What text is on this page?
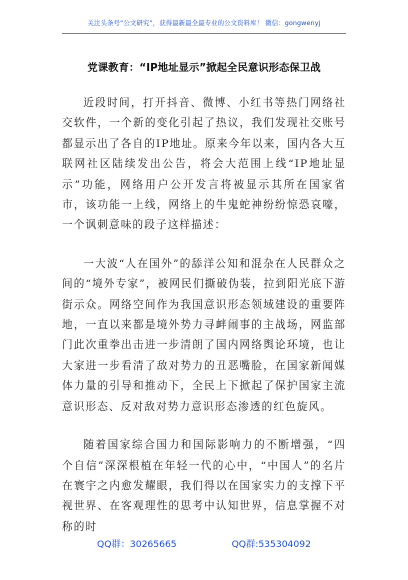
关注头条号“公文研究”，获得最新最全最专业的公文资料库！ 微信：gongwenyj
党课教育：“IP地址显示”掀起全民意识形态保卫战

近段时间，打开抖音、微博、小红书等热门网络社交软件，一个新的变化引起了热议，我们发现社交账号都显示出了各自的IP地址。原来今年以来，国内各大互联网社区陆续发出公告，将会大范围上线“IP地址显示”功能，网络用户公开发言将被显示其所在国家省市，该功能一上线，网络上的牛鬼蛇神纷纷惊恐哀嚎，一个讽刺意味的段子这样描述：

一大波“人在国外”的舔洋公知和混杂在人民群众之间的“境外专家”，被网民们撕破伪装，拉到阳光底下游街示众。网络空间作为我国意识形态领域建设的重要阵地，一直以来都是境外势力寻衅闹事的主战场，网监部门此次重拳出击进一步清朗了国内网络舆论环境，也让大家进一步看清了敌对势力的丑恶嘴脸，在国家新闻媒体力量的引导和推动下，全民上下掀起了保护国家主流意识形态、反对敌对势力意识形态渗透的红色旋风。

随着国家综合国力和国际影响力的不断增强，“四个自信”深深根植在年轻一代的心中，“中国人”的名片在寰宇之内愈发耀眼，我们得以在国家实力的支撑下平视世界、在客观理性的思考中认知世界，信息掌握不对称的时

QQ群：30265665	QQ群:535304092
